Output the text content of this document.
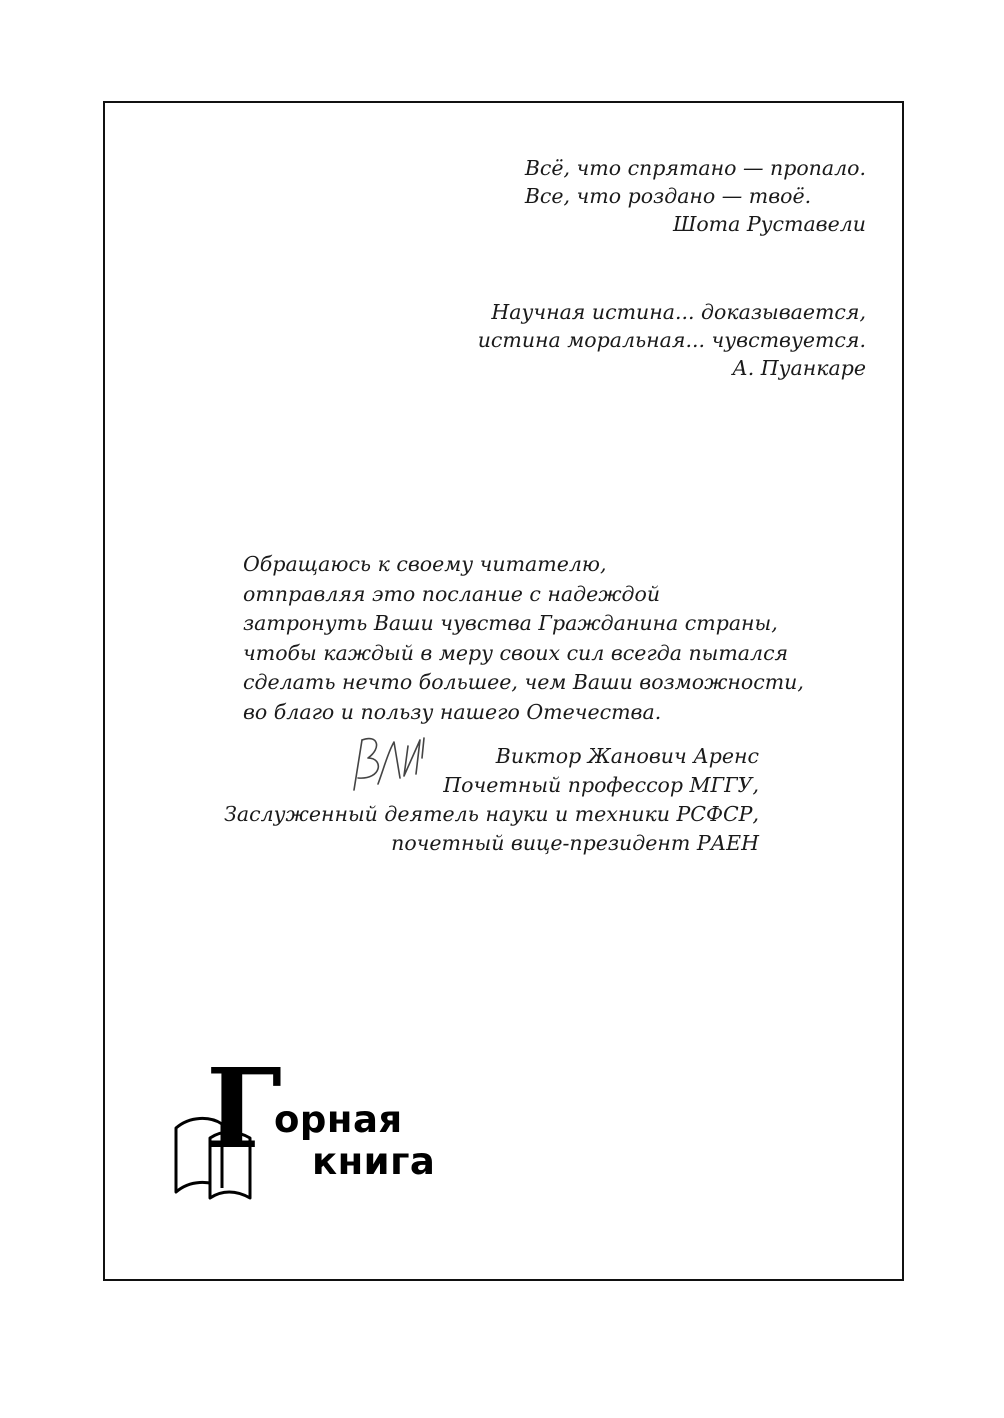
Всё, что спрятано — пропало.
Все, что роздано — твоё.
Шота Руставели
Научная истина... доказывается,
истина моральная... чувствуется.
А. Пуанкаре
Обращаюсь к своему читателю,
отправляя это послание с надеждой
затронуть Ваши чувства Гражданина страны,
чтобы каждый в меру своих сил всегда пытался
сделать нечто большее, чем Ваши возможности,
во благо и пользу нашего Отечества.
Виктор Жанович Аренс
Почетный профессор МГГУ,
Заслуженный деятель науки и техники РСФСР,
почетный вице-президент РАЕН
Г
орная
книга
